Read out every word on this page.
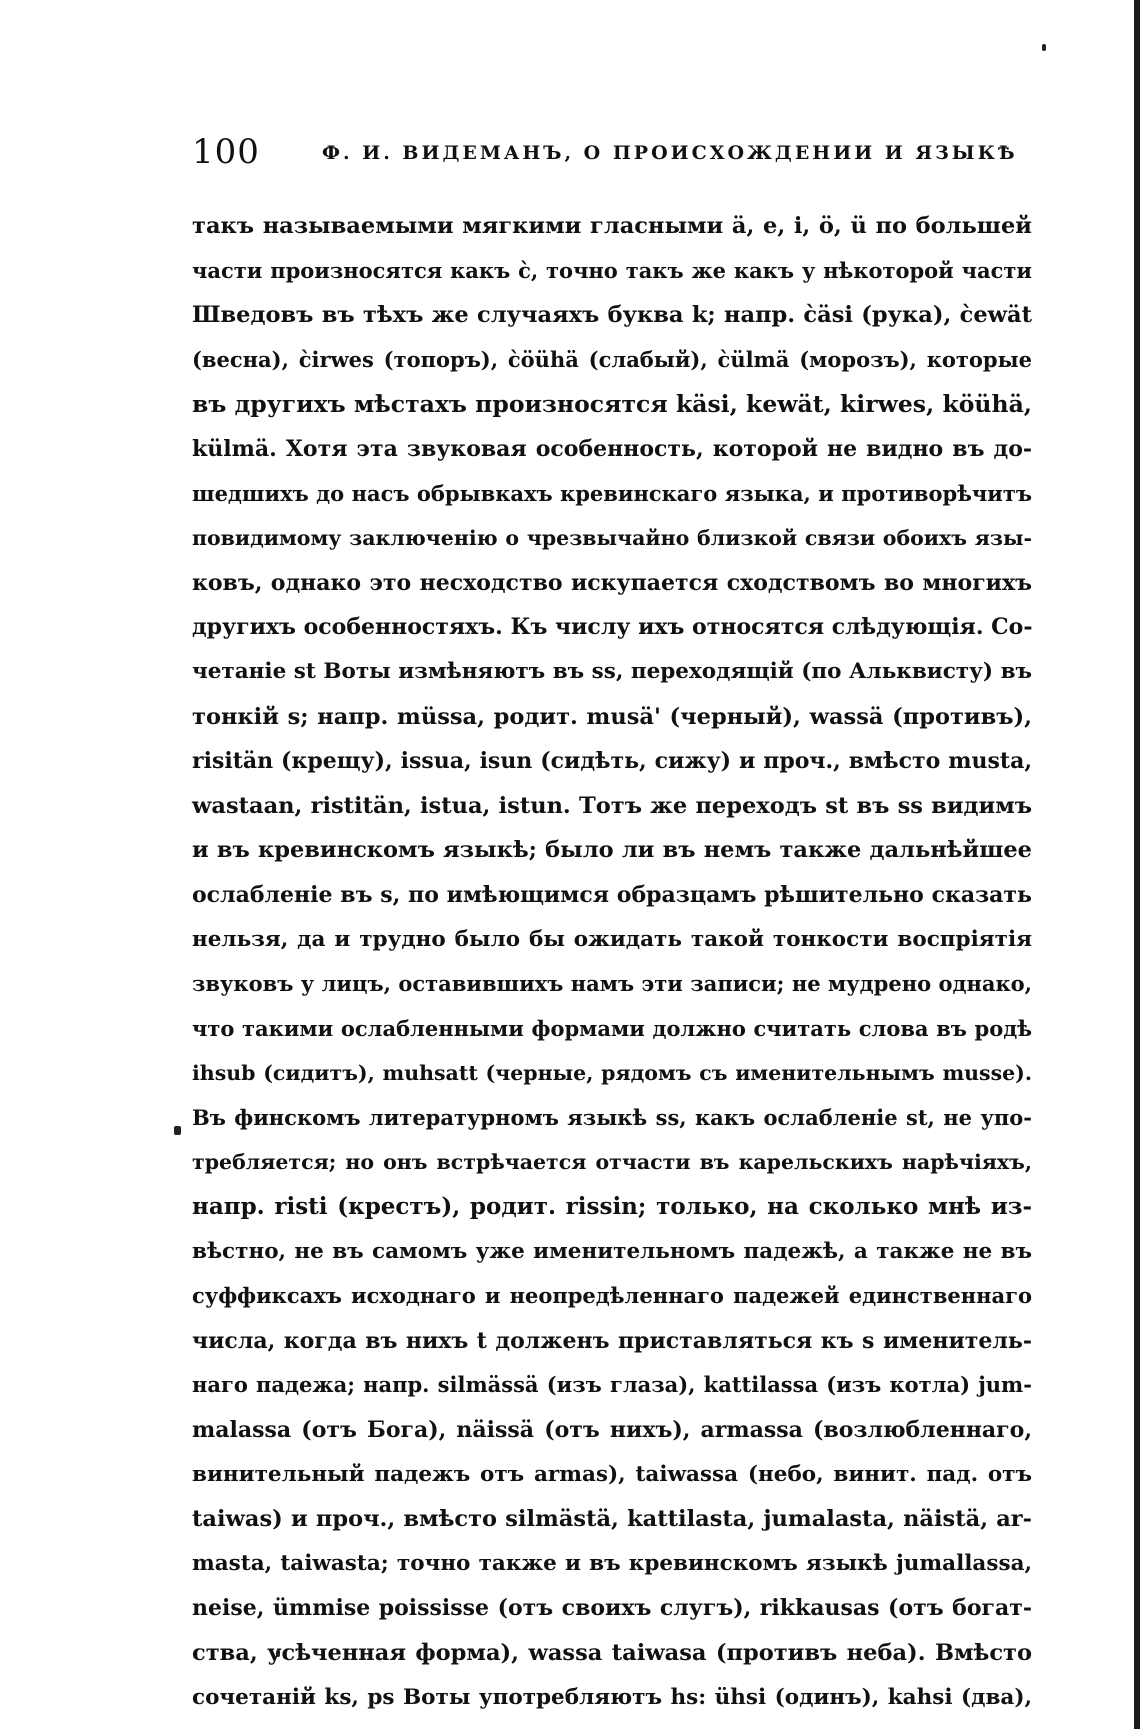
100	Ф. И. ВИДЕМАНЪ, О ПРОИСХОЖДЕНИИ И ЯЗЫКѢ
такъ называемыми мягкими гласными ä, e, i, ö, ü по большей
части произносятся какъ c̀, точно такъ же какъ у нѣкоторой части
Шведовъ въ тѣхъ же случаяхъ буква k; напр. c̀äsi (рука), c̀ewät
(весна), c̀irwes (топоръ), c̀öühä (слабый), c̀ülmä (морозъ), которые
въ другихъ мѣстахъ произносятся käsi, kewät, kirwes, köühä,
külmä. Хотя эта звуковая особенность, которой не видно въ до-
шедшихъ до насъ обрывкахъ кревинскаго языка, и противорѣчитъ
повидимому заключенію о чрезвычайно близкой связи обоихъ язы-
ковъ, однако это несходство искупается сходствомъ во многихъ
другихъ особенностяхъ. Къ числу ихъ относятся слѣдующія. Со-
четаніе st Воты измѣняютъ въ ss, переходящій (по Альквисту) въ
тонкій s; напр. müssa, родит. musä' (черный), wassä (противъ),
risitän (крещу), issua, isun (сидѣть, сижу) и проч., вмѣсто musta,
wastaan, ristitän, istua, istun. Тотъ же переходъ st въ ss видимъ
и въ кревинскомъ языкѣ; было ли въ немъ также дальнѣйшее
ослабленіе въ s, по имѣющимся образцамъ рѣшительно сказать
нельзя, да и трудно было бы ожидать такой тонкости воспріятія
звуковъ у лицъ, оставившихъ намъ эти записи; не мудрено однако,
что такими ослабленными формами должно считать слова въ родѣ
ihsub (сидитъ), muhsatt (черные, рядомъ съ именительнымъ musse).
Въ финскомъ литературномъ языкѣ ss, какъ ослабленіе st, не упо-
требляется; но онъ встрѣчается отчасти въ карельскихъ нарѣчіяхъ,
напр. risti (крестъ), родит. rissin; только, на сколько мнѣ из-
вѣстно, не въ самомъ уже именительномъ падежѣ, а также не въ
суффиксахъ исходнаго и неопредѣленнаго падежей единственнаго
числа, когда въ нихъ t долженъ приставляться къ s именитель-
наго падежа; напр. silmässä (изъ глаза), kattilassa (изъ котла) jum-
malassa (отъ Бога), näissä (отъ нихъ), armassa (возлюбленнаго,
винительный падежъ отъ armas), taiwassa (небо, винит. пад. отъ
taiwas) и проч., вмѣсто silmästä, kattilasta, jumalasta, näistä, ar-
masta, taiwasta; точно также и въ кревинскомъ языкѣ jumallassa,
neise, ümmise poississe (отъ своихъ слугъ), rikkausas (отъ богат-
ства, усѣченная форма), wassa taiwasa (противъ неба). Вмѣсто
сочетаній ks, ps Воты употребляютъ hs: ühsi (одинъ), kahsi (два),
